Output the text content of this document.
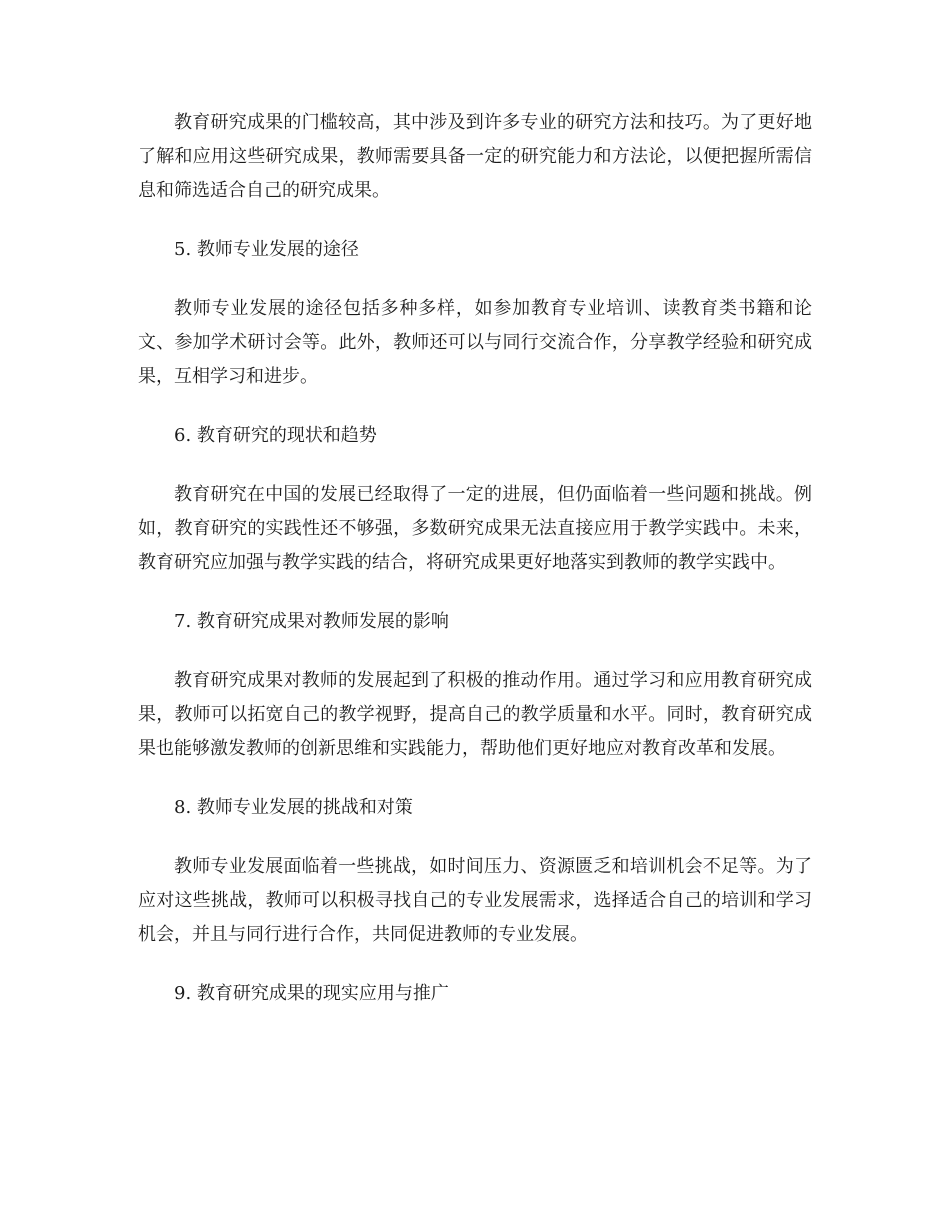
教育研究成果的门槛较高，其中涉及到许多专业的研究方法和技巧。为了更好地了解和应用这些研究成果，教师需要具备一定的研究能力和方法论，以便把握所需信息和筛选适合自己的研究成果。

5. 教师专业发展的途径

教师专业发展的途径包括多种多样，如参加教育专业培训、读教育类书籍和论文、参加学术研讨会等。此外，教师还可以与同行交流合作，分享教学经验和研究成果，互相学习和进步。

6. 教育研究的现状和趋势

教育研究在中国的发展已经取得了一定的进展，但仍面临着一些问题和挑战。例如，教育研究的实践性还不够强，多数研究成果无法直接应用于教学实践中。未来，教育研究应加强与教学实践的结合，将研究成果更好地落实到教师的教学实践中。

7. 教育研究成果对教师发展的影响

教育研究成果对教师的发展起到了积极的推动作用。通过学习和应用教育研究成果，教师可以拓宽自己的教学视野，提高自己的教学质量和水平。同时，教育研究成果也能够激发教师的创新思维和实践能力，帮助他们更好地应对教育改革和发展。

8. 教师专业发展的挑战和对策

教师专业发展面临着一些挑战，如时间压力、资源匮乏和培训机会不足等。为了应对这些挑战，教师可以积极寻找自己的专业发展需求，选择适合自己的培训和学习机会，并且与同行进行合作，共同促进教师的专业发展。

9. 教育研究成果的现实应用与推广
